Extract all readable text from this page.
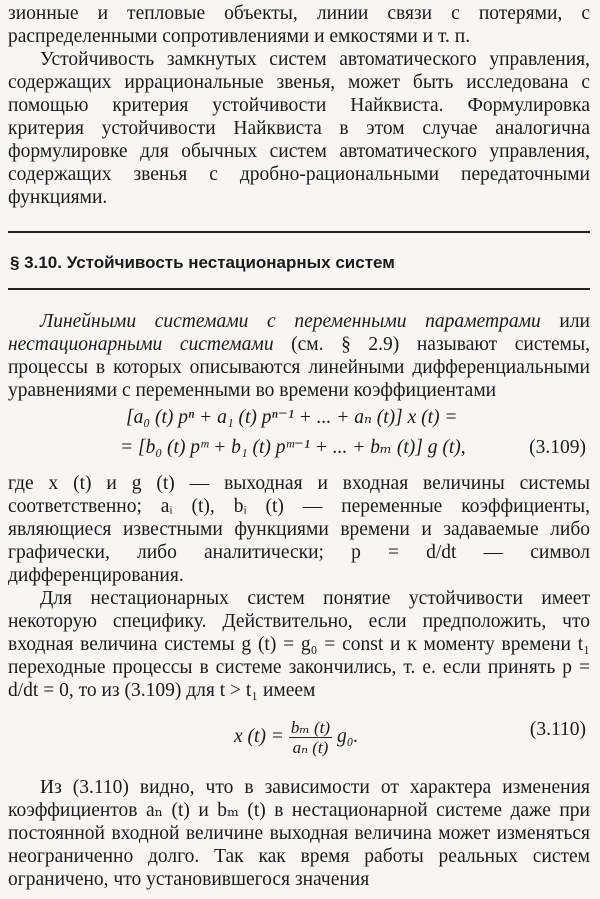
зионные и тепловые объекты, линии связи с потерями, с распределенными сопротивлениями и емкостями и т. п.

Устойчивость замкнутых систем автоматического управления, содержащих иррациональные звенья, может быть исследована с помощью критерия устойчивости Найквиста. Формулировка критерия устойчивости Найквиста в этом случае аналогична формулировке для обычных систем автоматического управления, содержащих звенья с дробно-рациональными передаточными функциями.

§ 3.10. Устойчивость нестационарных систем

Линейными системами с переменными параметрами или нестационарными системами (см. § 2.9) называют системы, процессы в которых описываются линейными дифференциальными уравнениями с переменными во времени коэффициентами

[a₀ (t) pⁿ + a₁ (t) pⁿ⁻¹ + ... + aₙ (t)] x (t) =
= [b₀ (t) pᵐ + b₁ (t) pᵐ⁻¹ + ... + bₘ (t)] g (t),	(3.109)

где x (t) и g (t) — выходная и входная величины системы соответственно; aᵢ (t), bᵢ (t) — переменные коэффициенты, являющиеся известными функциями времени и задаваемые либо графически, либо аналитически; p = d/dt — символ дифференцирования.

Для нестационарных систем понятие устойчивости имеет некоторую специфику. Действительно, если предположить, что входная величина системы g (t) = g₀ = const и к моменту времени t₁ переходные процессы в системе закончились, т. е. если принять p = d/dt = 0, то из (3.109) для t > t₁ имеем

x $(t) = \frac{\text{bₘ (t)}}{\text{aₙ (t)}} g_0$.	(3.110)

Из (3.110) видно, что в зависимости от характера изменения коэффициентов aₙ (t) и bₘ (t) в нестационарной системе даже при постоянной входной величине выходная величина может изменяться неограниченно долго. Так как время работы реальных систем ограничено, что установившегося значения
